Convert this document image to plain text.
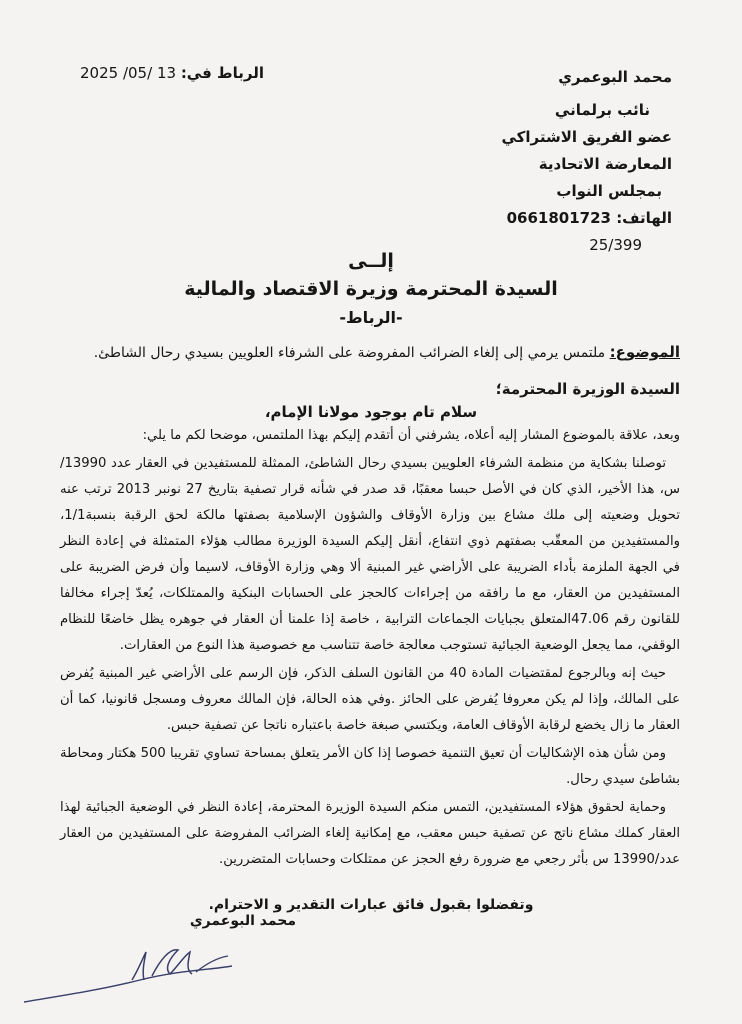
محمد البوعمري
نائب برلماني
عضو الفريق الاشتراكي
المعارضة الاتحادية
بمجلس النواب
الهاتف: 0661801723
25/399
الرباط في: 13 /05/ 2025
إلــى
السيدة المحترمة وزيرة الاقتصاد والمالية
-الرباط-
الموضوع: ملتمس يرمي إلى إلغاء الضرائب المفروضة على الشرفاء العلويين بسيدي رحال الشاطئ.
السيدة الوزيرة المحترمة؛
سلام تام بوجود مولانا الإمام،

وبعد، علاقة بالموضوع المشار إليه أعلاه، يشرفني أن أتقدم إليكم بهذا الملتمس، موضحا لكم ما يلي:

توصلنا بشكاية من منظمة الشرفاء العلويين بسيدي رحال الشاطئ، الممثلة للمستفيدين في العقار عدد 13990/س، هذا الأخير، الذي كان في الأصل حبسا معقبًا، قد صدر في شأنه قرار تصفية بتاريخ 27 نونبر 2013 ترتب عنه تحويل وضعيته إلى ملك مشاع بين وزارة الأوقاف والشؤون الإسلامية بصفتها مالكة لحق الرقبة بنسبة1/1، والمستفيدين من المعقّب بصفتهم ذوي انتفاع، أنقل إليكم السيدة الوزيرة مطالب هؤلاء المتمثلة في إعادة النظر في الجهة الملزمة بأداء الضريبة على الأراضي غير المبنية ألا وهي وزارة الأوقاف، لاسيما وأن فرض الضريبة على المستفيدين من العقار، مع ما رافقه من إجراءات كالحجز على الحسابات البنكية والممتلكات، يُعدّ إجراء مخالفا للقانون رقم 47.06المتعلق بجبايات الجماعات الترابية ، خاصة إذا علمنا أن العقار في جوهره يظل خاضعًا للنظام الوقفي، مما يجعل الوضعية الجبائية تستوجب معالجة خاصة تتناسب مع خصوصية هذا النوع من العقارات.

حيث إنه وبالرجوع لمقتضيات المادة 40 من القانون السلف الذكر، فإن الرسم على الأراضي غير المبنية يُفرض على المالك، وإذا لم يكن معروفا يُفرض على الحائز .وفي هذه الحالة، فإن المالك معروف ومسجل قانونيا، كما أن العقار ما زال يخضع لرقابة الأوقاف العامة، ويكتسي صبغة خاصة باعتباره ناتجا عن تصفية حبس.

ومن شأن هذه الإشكاليات أن تعيق التنمية خصوصا إذا كان الأمر يتعلق بمساحة تساوي تقريبا 500 هكتار ومحاطة بشاطئ سيدي رحال.

وحماية لحقوق هؤلاء المستفيدين، التمس منكم السيدة الوزيرة المحترمة، إعادة النظر في الوضعية الجبائية لهذا العقار كملك مشاع ناتج عن تصفية حبس معقب، مع إمكانية إلغاء الضرائب المفروضة على المستفيدين من العقار عدد/13990 س بأثر رجعي مع ضرورة رفع الحجز عن ممتلكات وحسابات المتضررين.

وتفضلوا بقبول فائق عبارات التقدير و الاحترام.
محمد البوعمري
